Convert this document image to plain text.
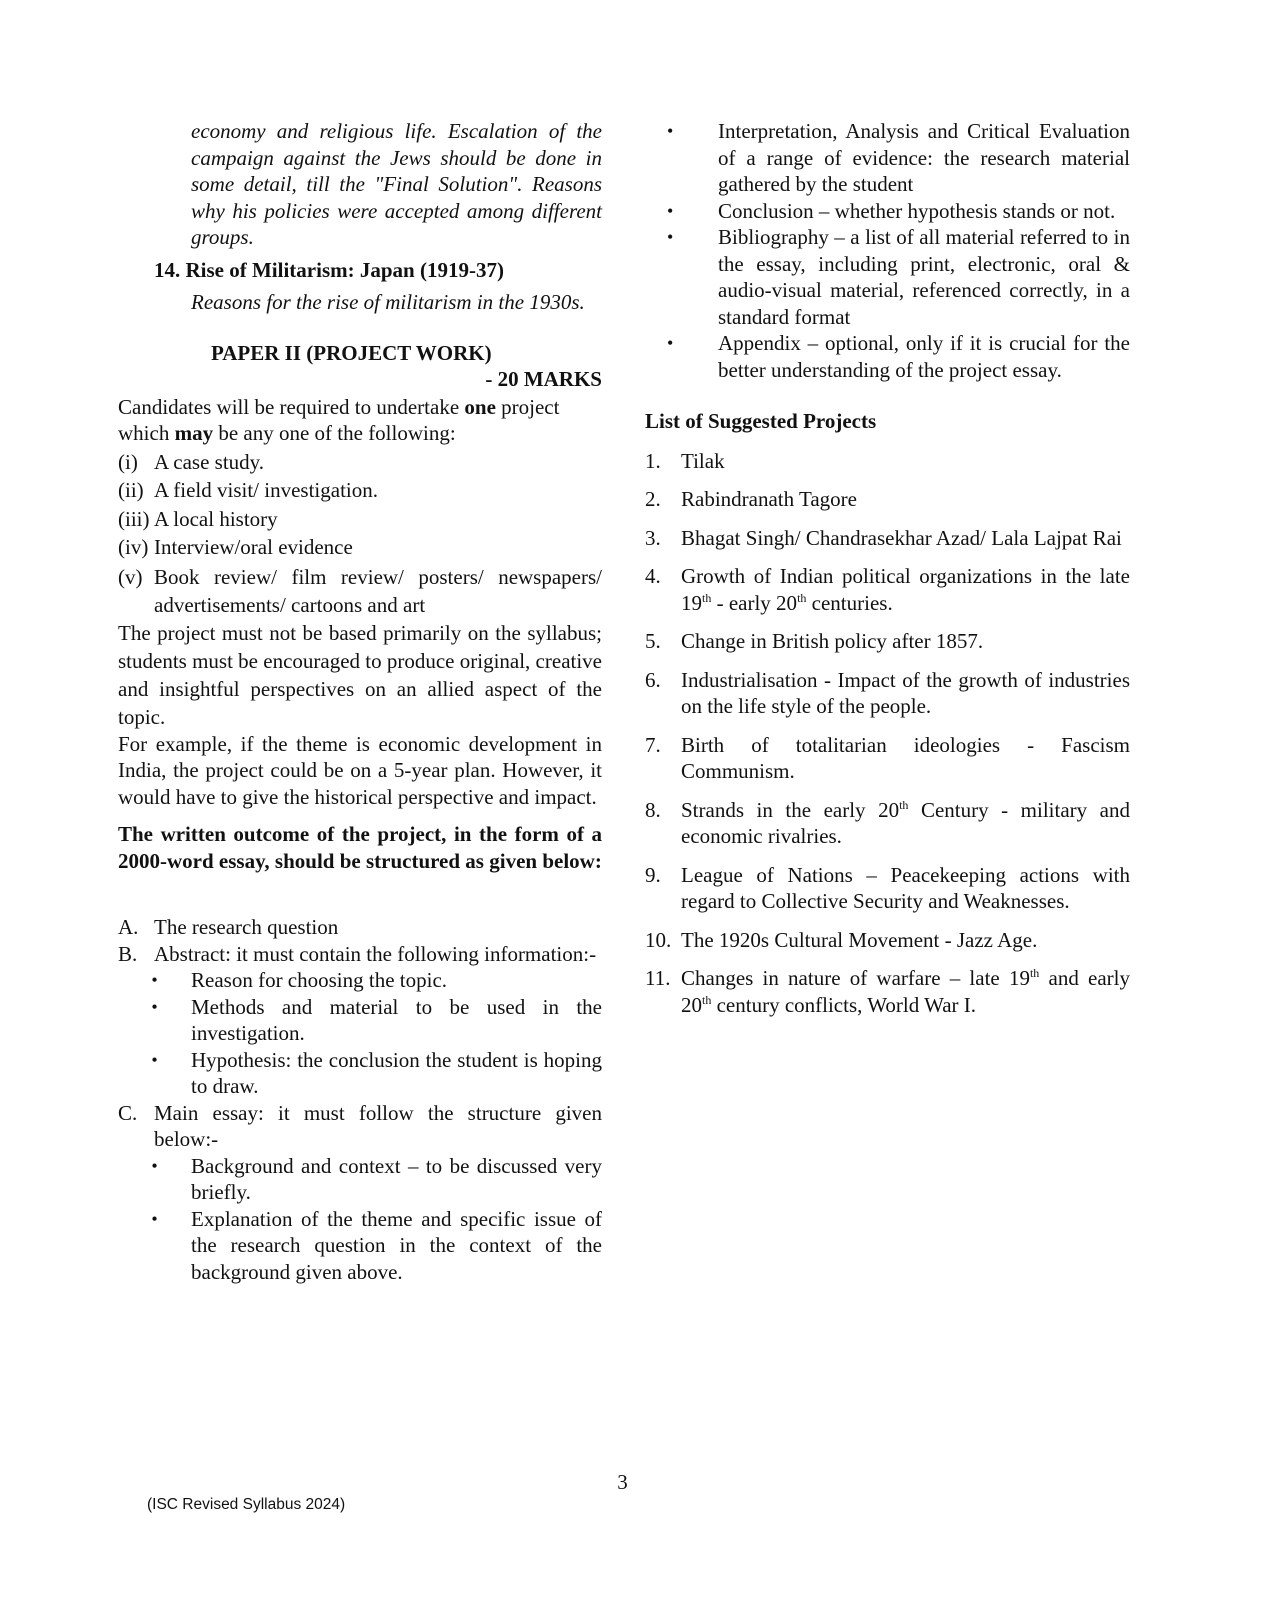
economy and religious life. Escalation of the campaign against the Jews should be done in some detail, till the "Final Solution". Reasons why his policies were accepted among different groups.

14. Rise of Militarism: Japan (1919-37)

Reasons for the rise of militarism in the 1930s.

PAPER II (PROJECT WORK)

- 20 MARKS

Candidates will be required to undertake one project which may be any one of the following:

(i) A case study.
(ii) A field visit/ investigation.
(iii) A local history
(iv) Interview/oral evidence
(v) Book review/ film review/ posters/ newspapers/ advertisements/ cartoons and art

The project must not be based primarily on the syllabus; students must be encouraged to produce original, creative and insightful perspectives on an allied aspect of the topic.

For example, if the theme is economic development in India, the project could be on a 5-year plan. However, it would have to give the historical perspective and impact.

The written outcome of the project, in the form of a 2000-word essay, should be structured as given below:

A. The research question
B. Abstract: it must contain the following information:-
•	Reason for choosing the topic.
•	Methods and material to be used in the investigation.
•	Hypothesis: the conclusion the student is hoping to draw.
C. Main essay: it must follow the structure given below:-
•	Background and context – to be discussed very briefly.
•	Explanation of the theme and specific issue of the research question in the context of the background given above.
•	Interpretation, Analysis and Critical Evaluation of a range of evidence: the research material gathered by the student
•	Conclusion – whether hypothesis stands or not.
•	Bibliography – a list of all material referred to in the essay, including print, electronic, oral & audio-visual material, referenced correctly, in a standard format
•	Appendix – optional, only if it is crucial for the better understanding of the project essay.

List of Suggested Projects

1. Tilak
2. Rabindranath Tagore
3. Bhagat Singh/ Chandrasekhar Azad/ Lala Lajpat Rai
4. Growth of Indian political organizations in the late 19th - early 20th centuries.
5. Change in British policy after 1857.
6. Industrialisation - Impact of the growth of industries on the life style of the people.
7. Birth of totalitarian ideologies - Fascism Communism.
8. Strands in the early 20th Century - military and economic rivalries.
9. League of Nations – Peacekeeping actions with regard to Collective Security and Weaknesses.
10. The 1920s Cultural Movement - Jazz Age.
11. Changes in nature of warfare – late 19th and early 20th century conflicts, World War I.
3
(ISC Revised Syllabus 2024)
